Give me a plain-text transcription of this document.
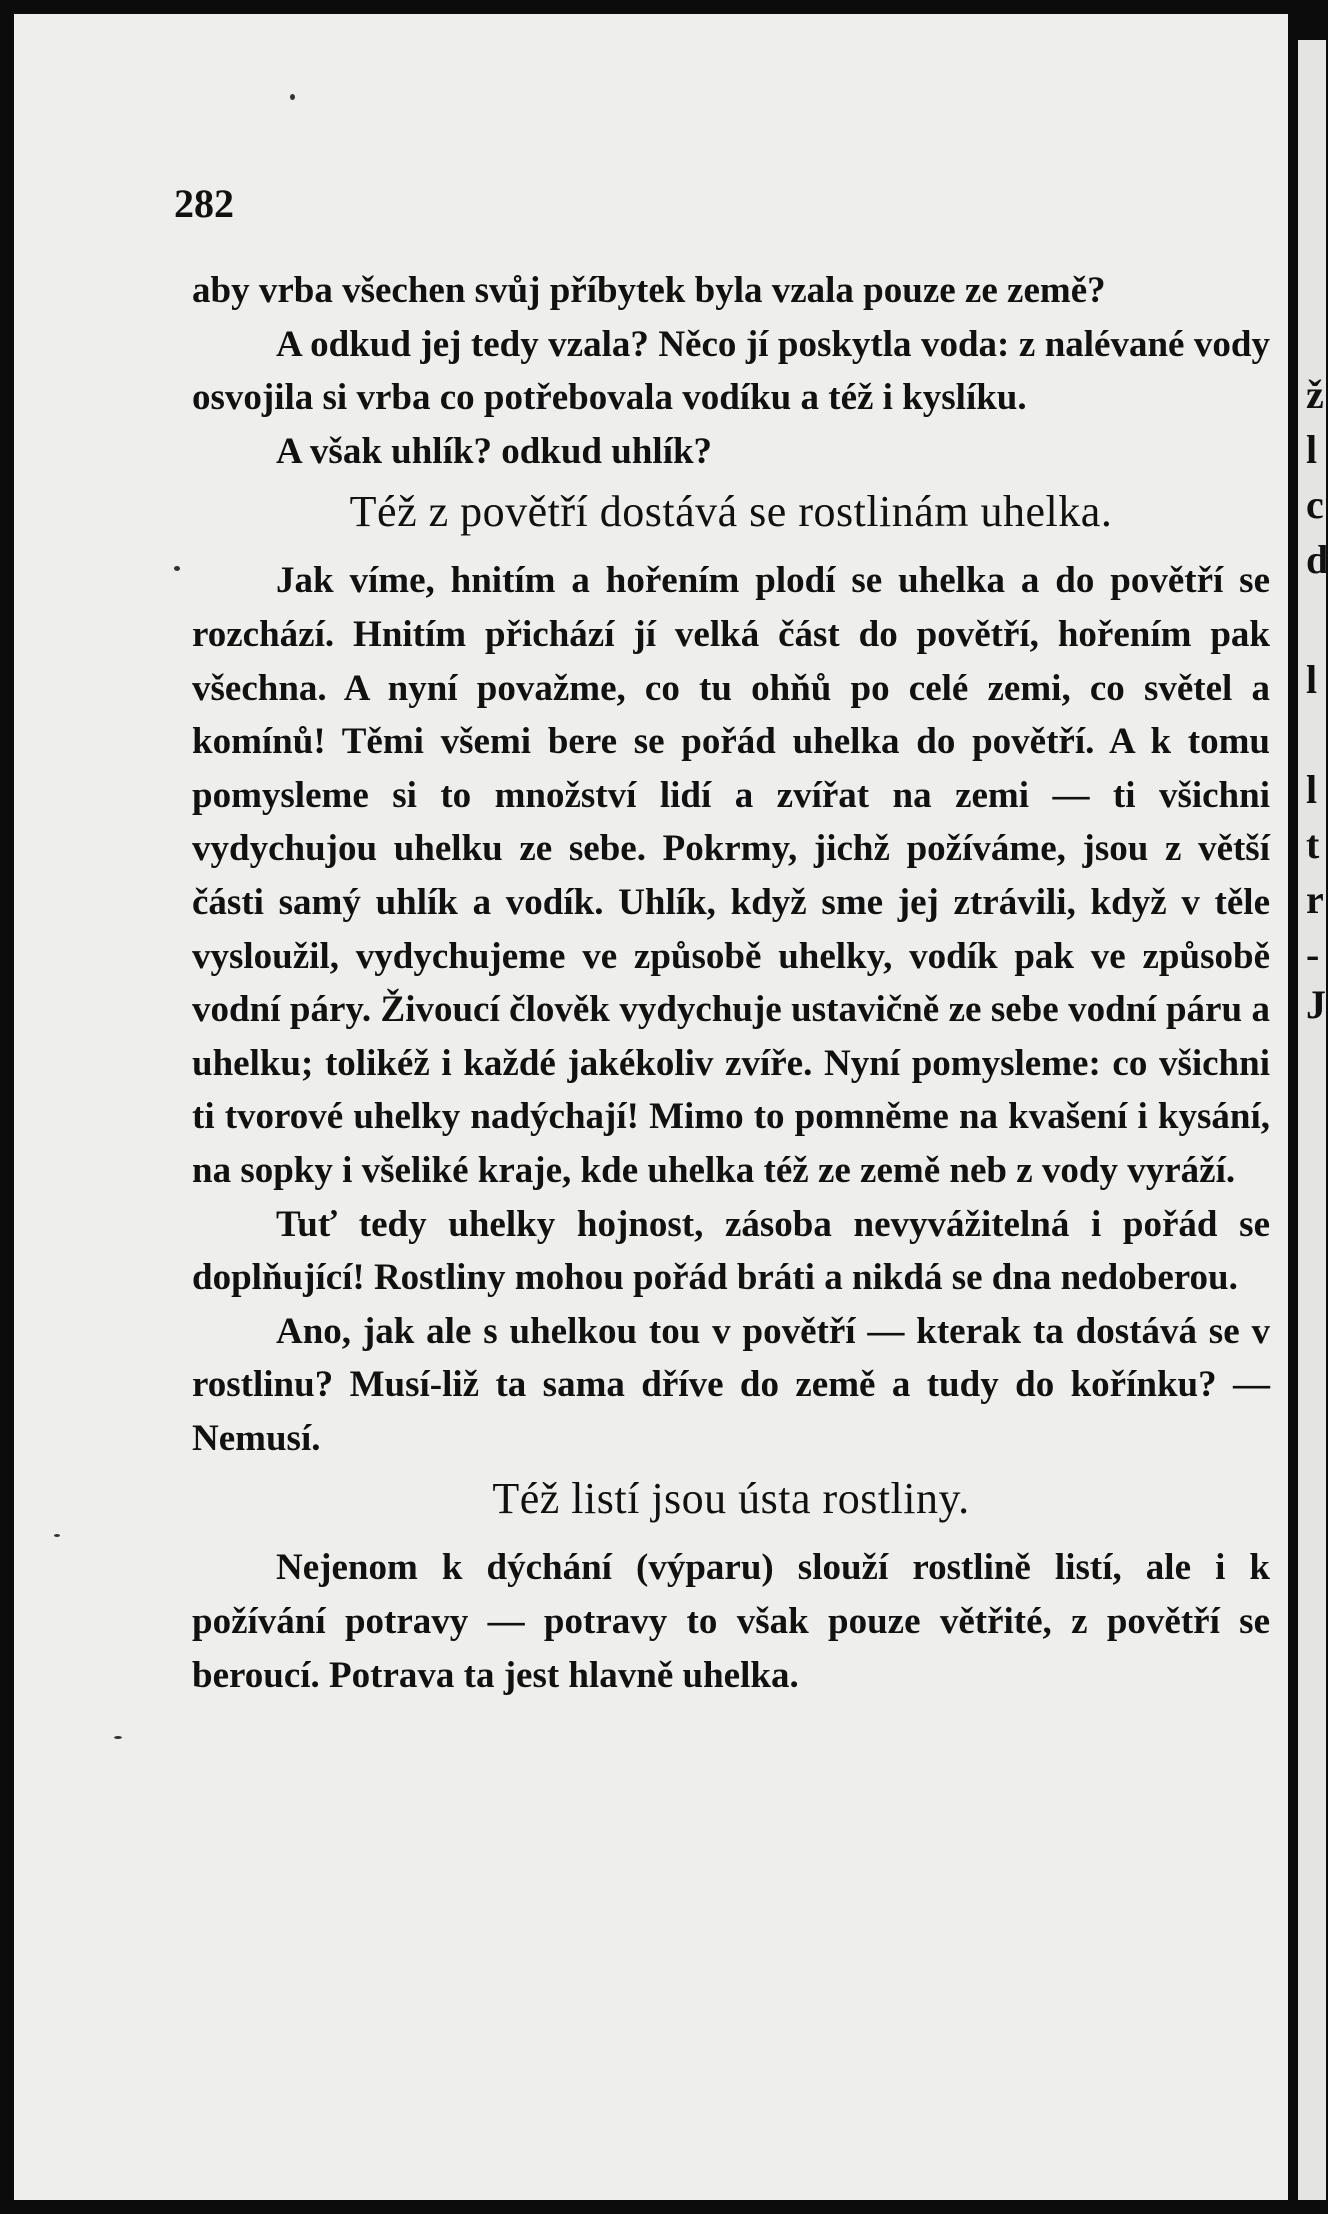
282

aby vrba všechen svůj příbytek byla vzala pouze ze země?

A odkud jej tedy vzala? Něco jí poskytla voda: z nalévané vody osvojila si vrba co potřebovala vodíku a též i kyslíku.

A však uhlík? odkud uhlík?

Též z povětří dostává se rostlinám uhelka.

Jak víme, hnitím a hořením plodí se uhelka a do povětří se rozchází. Hnitím přichází jí velká část do povětří, hořením pak všechna. A nyní považme, co tu ohňů po celé zemi, co světel a komínů! Těmi všemi bere se pořád uhelka do povětří. A k tomu pomysleme si to množství lidí a zvířat na zemi — ti všichni vydychujou uhelku ze sebe. Pokrmy, jichž požíváme, jsou z větší části samý uhlík a vodík. Uhlík, když sme jej ztrávili, když v těle vysloužil, vydychujeme ve způsobě uhelky, vodík pak ve způsobě vodní páry. Živoucí člověk vydychuje ustavičně ze sebe vodní páru a uhelku; tolikéž i každé jakékoliv zvíře. Nyní pomysleme: co všichni ti tvorové uhelky nadýchají! Mimo to pomněme na kvašení i kysání, na sopky i všeliké kraje, kde uhelka též ze země neb z vody vyráží.

Tuť tedy uhelky hojnost, zásoba nevyvážitelná i pořád se doplňující! Rostliny mohou pořád bráti a nikdá se dna nedoberou.

Ano, jak ale s uhelkou tou v povětří — kterak ta dostává se v rostlinu? Musí-liž ta sama dříve do země a tudy do kořínku? — Nemusí.

Též listí jsou ústa rostliny.

Nejenom k dýchání (výparu) slouží rostlině listí, ale i k požívání potravy — potravy to však pouze větřité, z povětří se beroucí. Potrava ta jest hlavně uhelka.

ž
l
c
d
l
l
t
r
-
J
